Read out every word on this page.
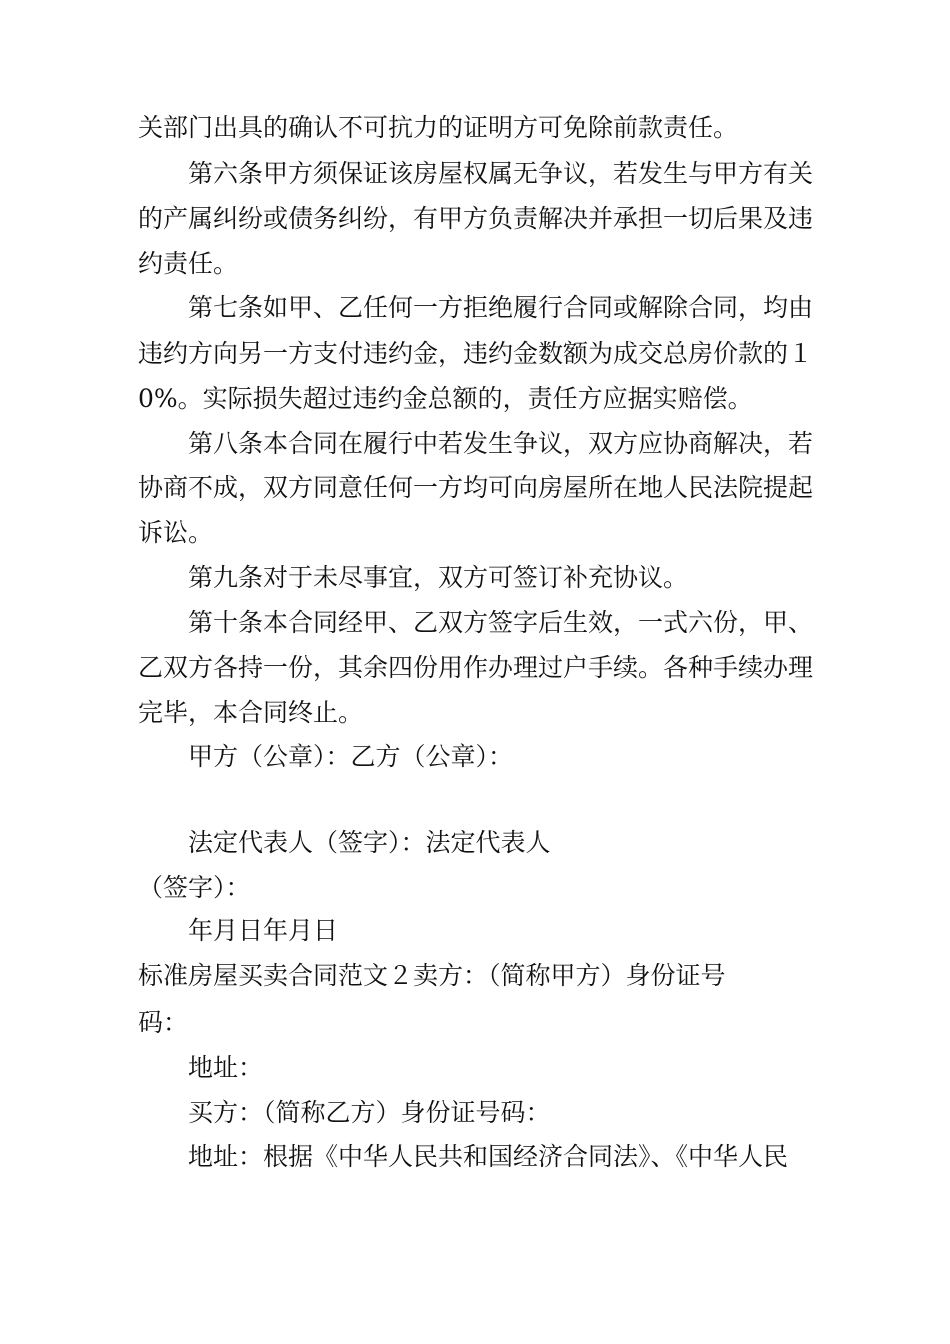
关部门出具的确认不可抗力的证明方可免除前款责任。
第六条甲方须保证该房屋权属无争议，若发生与甲方有关
的产属纠纷或债务纠纷，有甲方负责解决并承担一切后果及违
约责任。
第七条如甲、乙任何一方拒绝履行合同或解除合同，均由
违约方向另一方支付违约金，违约金数额为成交总房价款的１
0%。实际损失超过违约金总额的，责任方应据实赔偿。
第八条本合同在履行中若发生争议，双方应协商解决，若
协商不成，双方同意任何一方均可向房屋所在地人民法院提起
诉讼。
第九条对于未尽事宜，双方可签订补充协议。
第十条本合同经甲、乙双方签字后生效，一式六份，甲、
乙双方各持一份，其余四份用作办理过户手续。各种手续办理
完毕，本合同终止。
甲方（公章）：乙方（公章）：
法定代表人（签字）：法定代表人
（签字）：
年月日年月日
标准房屋买卖合同范文２卖方：（简称甲方）身份证号
码：
地址：
买方：（简称乙方）身份证号码：
地址：根据《中华人民共和国经济合同法》、《中华人民
